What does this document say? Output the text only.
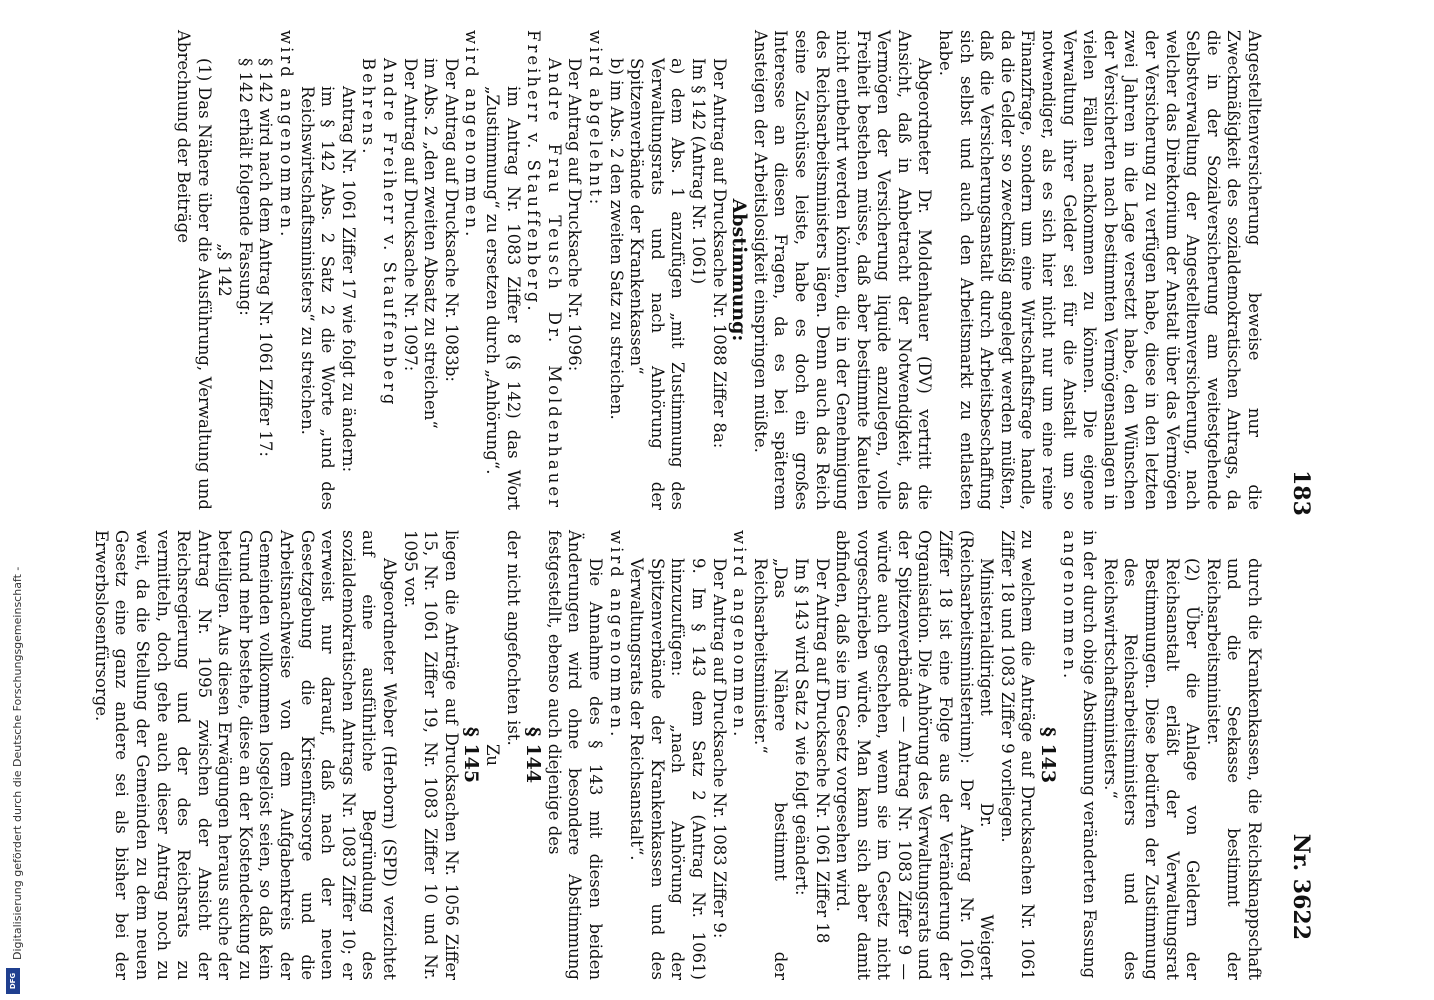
183
Nr. 3622

Angestelltenversicherung beweise nur die Zweckmäßigkeit des sozialdemokratischen Antrags, da die in der Sozialversicherung am weitestgehende Selbstverwaltung der Angestelltenversicherung, nach welcher das Direktorium der Anstalt über das Vermögen der Versicherung zu verfügen habe, diese in den letzten zwei Jahren in die Lage versetzt habe, den Wünschen der Versicherten nach bestimmten Vermögensanlagen in vielen Fällen nachkommen zu können. Die eigene Verwaltung ihrer Gelder sei für die Anstalt um so notwendiger, als es sich hier nicht nur um eine reine Finanzfrage, sondern um eine Wirtschaftsfrage handle, da die Gelder so zweckmäßig angelegt werden müßten, daß die Versicherungsanstalt durch Arbeitsbeschaffung sich selbst und auch den Arbeitsmarkt zu entlasten habe.

Abgeordneter Dr. Moldenhauer (DV) vertritt die Ansicht, daß in Anbetracht der Notwendigkeit, das Vermögen der Versicherung liquide anzulegen, volle Freiheit bestehen müsse, daß aber bestimmte Kautelen nicht entbehrt werden könnten, die in der Genehmigung des Reichsarbeitsministers lägen. Denn auch das Reich seine Zuschüsse leiste, habe es doch ein großes Interesse an diesen Fragen, da es bei späterem Ansteigen der Arbeitslosigkeit einspringen müßte.

Abstimmung:

Der Antrag auf Drucksache Nr. 1088 Ziffer 8a:

Im § 142 (Antrag Nr. 1061)

a) dem Abs. 1 anzufügen „mit Zustimmung des Verwaltungsrats und nach Anhörung der Spitzenverbände der Krankenkassen“

b) im Abs. 2 den zweiten Satz zu streichen.

wird abgelehnt:

Der Antrag auf Drucksache Nr. 1096:

Andre Frau Teusch Dr. Moldenhauer Freiherr v. Stauffenberg.

im Antrag Nr. 1083 Ziffer 8 (§ 142) das Wort „Zustimmung“ zu ersetzen durch „Anhörung“.

wird angenommen.

Der Antrag auf Drucksache Nr. 1083b:

im Abs. 2 „den zweiten Absatz zu streichen“

Der Antrag auf Drucksache Nr. 1097:

Andre Freiherr v. Stauffenberg

Behrens.

Antrag Nr. 1061 Ziffer 17 wie folgt zu ändern:

im § 142 Abs. 2 Satz 2 die Worte „und des Reichswirtschaftsministers“ zu streichen.

wird angenommen.

§ 142 wird nach dem Antrag Nr. 1061 Ziffer 17:

§ 142 erhält folgende Fassung:

„§ 142

(1) Das Nähere über die Ausführung, Verwaltung und Abrechnung der Beiträge

durch die Krankenkassen, die Reichsknappschaft und die Seekasse bestimmt der Reichsarbeitsminister.

(2) Über die Anlage von Geldern der Reichsanstalt erläßt der Verwaltungsrat Bestimmungen. Diese bedürfen der Zustimmung des Reichsarbeitsministers und des Reichswirtschaftsministers.“

in der durch obige Abstimmung veränderten Fassung

angenommen.

§ 143

zu welchem die Anträge auf Drucksachen Nr. 1061 Ziffer 18 und 1083 Ziffer 9 vorliegen.

Ministerialdirigent Dr. Weigert (Reichsarbeitsministerium): Der Antrag Nr. 1061 Ziffer 18 ist eine Folge aus der Veränderung der Organisation. Die Anhörung des Verwaltungsrats und der Spitzenverbände — Antrag Nr. 1083 Ziffer 9 — würde auch geschehen, wenn sie im Gesetz nicht vorgeschrieben würde. Man kann sich aber damit abfinden, daß sie im Gesetz vorgesehen wird.

Der Antrag auf Drucksache Nr. 1061 Ziffer 18

Im § 143 wird Satz 2 wie folgt geändert:

„Das Nähere bestimmt der Reichsarbeitsminister.“

wird angenommen.

Der Antrag auf Drucksache Nr. 1083 Ziffer 9:

9. Im § 143 dem Satz 2 (Antrag Nr. 1061) hinzuzufügen: „nach Anhörung der Spitzenverbände der Krankenkassen und des Verwaltungsrats der Reichsanstalt“.

wird angenommen.

Die Annahme des § 143 mit diesen beiden Änderungen wird ohne besondere Abstimmung festgestellt, ebenso auch diejenige des

§ 144

der nicht angefochten ist.

Zu

§ 145

liegen die Anträge auf Drucksachen Nr. 1056 Ziffer 15, Nr. 1061 Ziffer 19, Nr. 1083 Ziffer 10 und Nr. 1095 vor.

Abgeordneter Weber (Herborn) (SPD) verzichtet auf eine ausführliche Begründung des sozialdemokratischen Antrags Nr. 1083 Ziffer 10; er verweist nur darauf, daß nach der neuen Gesetzgebung die Krisenfürsorge und die Arbeitsnachweise von dem Aufgabenkreis der Gemeinden vollkommen losgelöst seien, so daß kein Grund mehr bestehe, diese an der Kostendeckung zu beteiligen. Aus diesen Erwägungen heraus suche der Antrag Nr. 1095 zwischen der Ansicht der Reichsregierung und der des Reichsrats zu vermitteln, doch gehe auch dieser Antrag noch zu weit, da die Stellung der Gemeinden zu dem neuen Gesetz eine ganz andere sei als bisher bei der Erwerbslosenfürsorge.

Digitalisierung gefördert durch die Deutsche Forschungsgemeinschaft -
DFG
